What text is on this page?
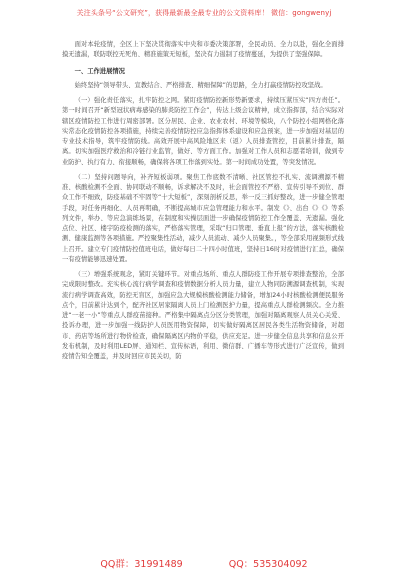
关注头条号“公文研究”，获得最新最全最专业的公文资料库！ 微信：gongwenyj

面对本轮疫情，全区上下坚决贯彻落实中央和市委决策部署，全民动员、全力以赴，强化全面排摸无遗漏，联防联控无死角、精准施策无短板，坚决有力遏制了疫情蔓延，为提供了坚强保障。

一、工作进展情况

始终坚持“领导带头、宣教结合、严格排查、精细保障”的思路，全力打赢疫情防控攻坚战。

（一）强化责任落实，扎牢防控之网。紧盯疫情防控新形势新要求，持续压紧压实“四方责任”。第一时间召开“新型冠状病毒感染的肺炎防控工作会”，传达上级会议精神，成立指挥部，结合实际对辖区疫情防控工作进行周密部署。区分居民、企业、农业农村、环境等模块，八个防控小组网格化落实常态化疫情防控各项措施，持续完善疫情防控应急指挥体系建设和应急预案，进一步加强对基层的专业技术指导，筑牢疫情防线。高效开展中高风险地区来（返）人员排查管控，目前累计排查，隔离。切实加强医疗救治和冷链行业监管，做好、等方面工作。加强对工作人员和志愿者培训，做到专业防护、执行有力、衔接顺畅，确保将各项工作落到实处。第一时间成功处置，等突发情况。

（二）坚持问题导向，补齐短板弱项。聚焦工作底数不清晰、社区管控不扎实、流调溯源不精准、核酸检测不全面、协同联动不顺畅，诉求解决不及时，社会面管控不严格、宣传引导不到位、群众工作不细致，防疫基础不牢固等“十大短板”，深刻剖析反思，举一反三抓好整改，进一步健全管理手段，对任务再细化、人员再明确，不断提高城市应急管理能力和水平。制发《》、出台《》《》等系列文件，举办、等应急演练场景，在制度和实操层面进一步确保疫情防控工作全覆盖、无遗漏。强化点位、社区、楼宇防疫检测的落实，严格落实管理，采取“归口管理、垂直上报”的方法，落实核酸检测、健康监测等各项措施。严控聚集性活动，减少人员流动、减少人员聚集。，等全部采用视频形式线上召开。建立专门疫情防控值班电话，做好每日二十四小时值班，坚持日16时对疫情进行汇总，确保一有疫情能够迅速处置。

（三）增强系统观念，紧盯关键环节。对重点场所、重点人群防疫工作开展专项排查整治，全部完成限时整改。充实核心流行病学调查和疫情数据分析人员力量，建立人物同防溯源调查机制，实现流行病学调查高效，防控无盲区，加强应急大规模核酸检测能力储备，增加24小时核酸检测便民服务点个，目前累计达到个，配齐社区居家隔离人员上门检测医护力量，提高重点人群检测频次。全力推进“一老一小”等重点人群疫苗接种。严格集中隔离点分区分类管理，加强对隔离观察人员关心关爱、投诉办理，进一步加强一线防护人员医用物资保障，切实做好隔离区居民各类生活物资储备，对超市、药店等场所进行物价检查，确保隔离区内物价平稳，供应充足。进一步健全信息共享和信息公开发布机制，及时利用LED屏、通知栏、宣传标语，利用、微信群、广播车等形式进行广泛宣传，做到疫情告知全覆盖，并及时回应市民关切，防

QQ群：31991489	QQ：535304092
